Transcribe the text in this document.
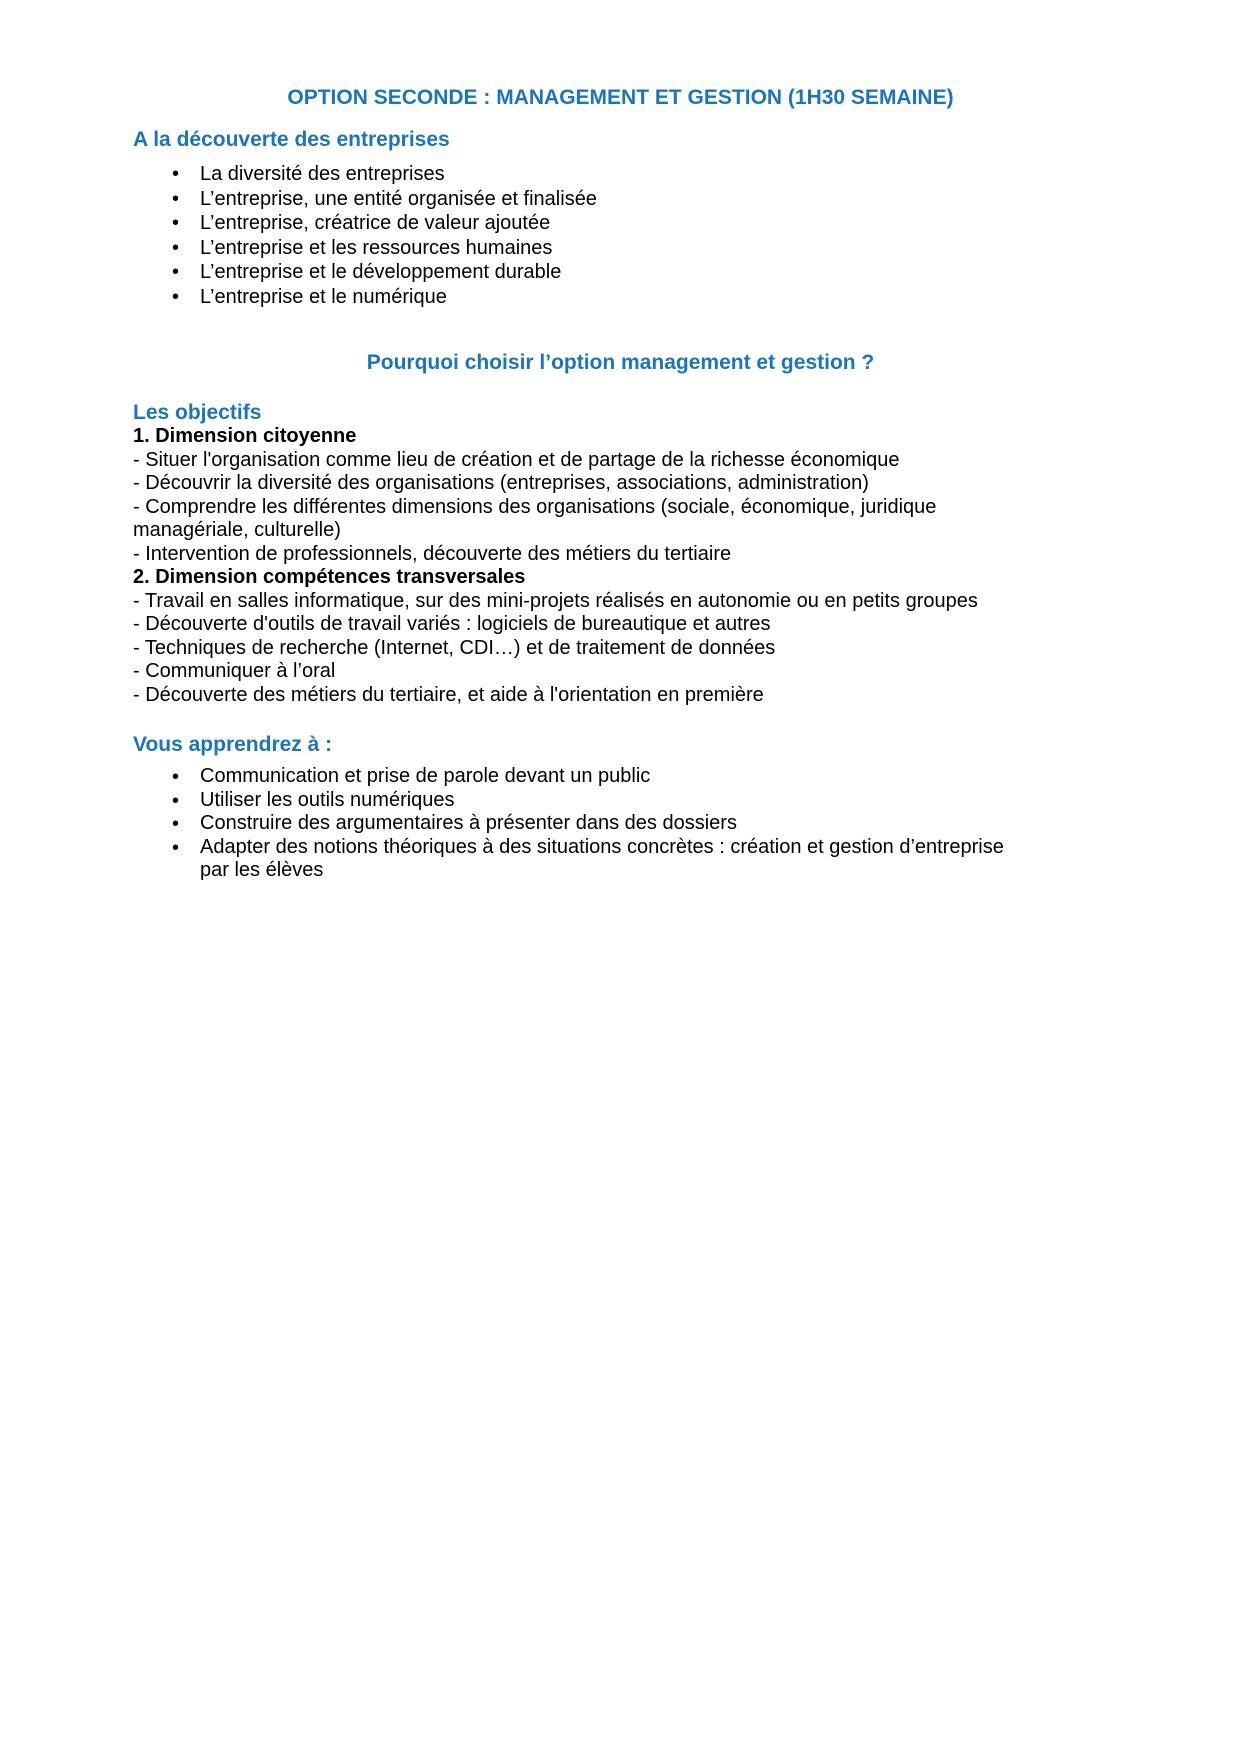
OPTION SECONDE : MANAGEMENT ET GESTION (1H30 SEMAINE)
A la découverte des entreprises
• La diversité des entreprises
• L’entreprise, une entité organisée et finalisée
• L’entreprise, créatrice de valeur ajoutée
• L’entreprise et les ressources humaines
• L’entreprise et le développement durable
• L’entreprise et le numérique
Pourquoi choisir l’option management et gestion ?
Les objectifs
1. Dimension citoyenne
- Situer l'organisation comme lieu de création et de partage de la richesse économique
- Découvrir la diversité des organisations (entreprises, associations, administration)
- Comprendre les différentes dimensions des organisations (sociale, économique, juridique
managériale, culturelle)
- Intervention de professionnels, découverte des métiers du tertiaire
2. Dimension compétences transversales
- Travail en salles informatique, sur des mini-projets réalisés en autonomie ou en petits groupes
- Découverte d'outils de travail variés : logiciels de bureautique et autres
- Techniques de recherche (Internet, CDI…) et de traitement de données
- Communiquer à l’oral
- Découverte des métiers du tertiaire, et aide à l'orientation en première
Vous apprendrez à :
• Communication et prise de parole devant un public
• Utiliser les outils numériques
• Construire des argumentaires à présenter dans des dossiers
• Adapter des notions théoriques à des situations concrètes : création et gestion d’entreprise
par les élèves
